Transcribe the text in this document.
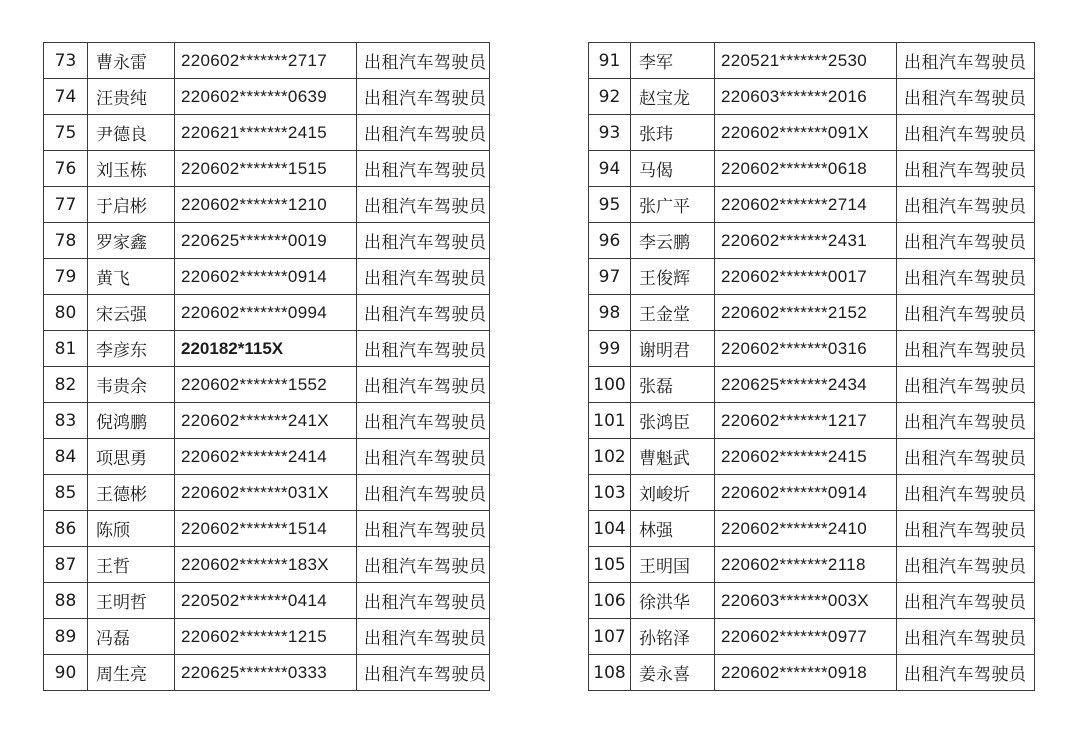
73	曹永雷	220602*******2717	出租汽车驾驶员
74	汪贵纯	220602*******0639	出租汽车驾驶员
75	尹德良	220621*******2415	出租汽车驾驶员
76	刘玉栋	220602*******1515	出租汽车驾驶员
77	于启彬	220602*******1210	出租汽车驾驶员
78	罗家鑫	220625*******0019	出租汽车驾驶员
79	黄飞	220602*******0914	出租汽车驾驶员
80	宋云强	220602*******0994	出租汽车驾驶员
81	李彦东	220182*115X	出租汽车驾驶员
82	韦贵余	220602*******1552	出租汽车驾驶员
83	倪鸿鹏	220602*******241X	出租汽车驾驶员
84	项思勇	220602*******2414	出租汽车驾驶员
85	王德彬	220602*******031X	出租汽车驾驶员
86	陈颀	220602*******1514	出租汽车驾驶员
87	王哲	220602*******183X	出租汽车驾驶员
88	王明哲	220502*******0414	出租汽车驾驶员
89	冯磊	220602*******1215	出租汽车驾驶员
90	周生亮	220625*******0333	出租汽车驾驶员
91	李军	220521*******2530	出租汽车驾驶员
92	赵宝龙	220603*******2016	出租汽车驾驶员
93	张玮	220602*******091X	出租汽车驾驶员
94	马偈	220602*******0618	出租汽车驾驶员
95	张广平	220602*******2714	出租汽车驾驶员
96	李云鹏	220602*******2431	出租汽车驾驶员
97	王俊辉	220602*******0017	出租汽车驾驶员
98	王金堂	220602*******2152	出租汽车驾驶员
99	谢明君	220602*******0316	出租汽车驾驶员
100	张磊	220625*******2434	出租汽车驾驶员
101	张鸿臣	220602*******1217	出租汽车驾驶员
102	曹魁武	220602*******2415	出租汽车驾驶员
103	刘峻圻	220602*******0914	出租汽车驾驶员
104	林强	220602*******2410	出租汽车驾驶员
105	王明国	220602*******2118	出租汽车驾驶员
106	徐洪华	220603*******003X	出租汽车驾驶员
107	孙铭泽	220602*******0977	出租汽车驾驶员
108	姜永喜	220602*******0918	出租汽车驾驶员
